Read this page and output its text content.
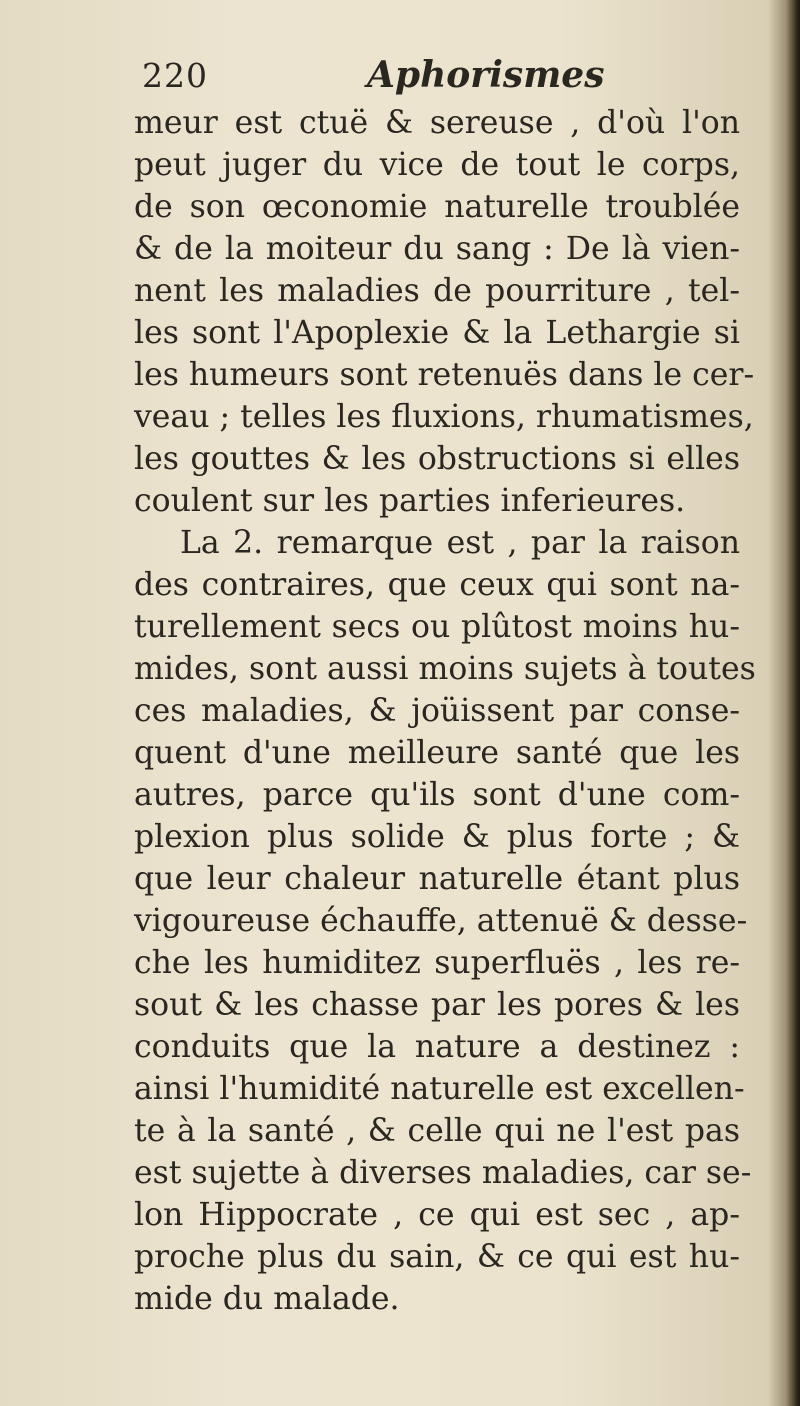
220	Aphorismes
meur est ctuë & sereuse , d'où l'on
peut juger du vice de tout le corps,
de son œconomie naturelle troublée
& de la moiteur du sang : De là vien-
nent les maladies de pourriture , tel-
les sont l'Apoplexie & la Lethargie si
les humeurs sont retenuës dans le cer-
veau ; telles les fluxions, rhumatismes,
les gouttes & les obstructions si elles
coulent sur les parties inferieures.
La 2. remarque est , par la raison
des contraires, que ceux qui sont na-
turellement secs ou plûtost moins hu-
mides, sont aussi moins sujets à toutes
ces maladies, & joüissent par conse-
quent d'une meilleure santé que les
autres, parce qu'ils sont d'une com-
plexion plus solide & plus forte ; &
que leur chaleur naturelle étant plus
vigoureuse échauffe, attenuë & desse-
che les humiditez superfluës , les re-
sout & les chasse par les pores & les
conduits que la nature a destinez :
ainsi l'humidité naturelle est excellen-
te à la santé , & celle qui ne l'est pas
est sujette à diverses maladies, car se-
lon Hippocrate , ce qui est sec , ap-
proche plus du sain, & ce qui est hu-
mide du malade.
